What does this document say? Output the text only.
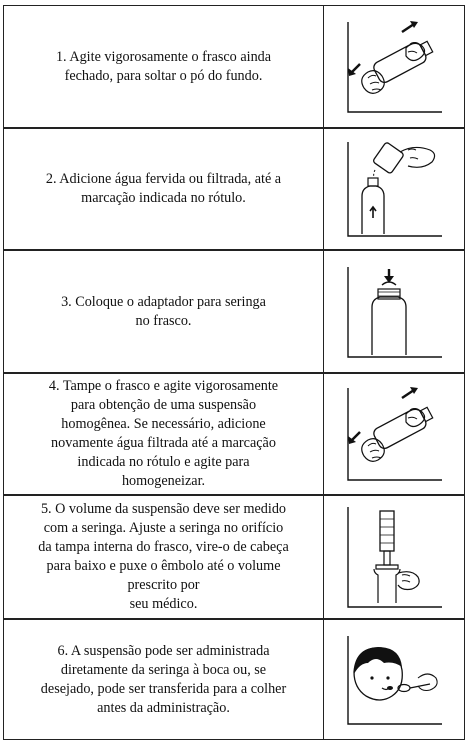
1. Agite vigorosamente o frasco ainda
fechado, para soltar o pó do fundo.
2. Adicione água fervida ou filtrada, até a
marcação indicada no rótulo.
3. Coloque o adaptador para seringa
no frasco.
4. Tampe o frasco e agite vigorosamente
para obtenção de uma suspensão
homogênea. Se necessário, adicione
novamente água filtrada até a marcação
indicada no rótulo e agite para
homogeneizar.
5. O volume da suspensão deve ser medido
com a seringa. Ajuste a seringa no orifício
da tampa interna do frasco, vire-o de cabeça
para baixo e puxe o êmbolo até o volume
prescrito por
seu médico.
6. A suspensão pode ser administrada
diretamente da seringa à boca ou, se
desejado, pode ser transferida para a colher
antes da administração.
